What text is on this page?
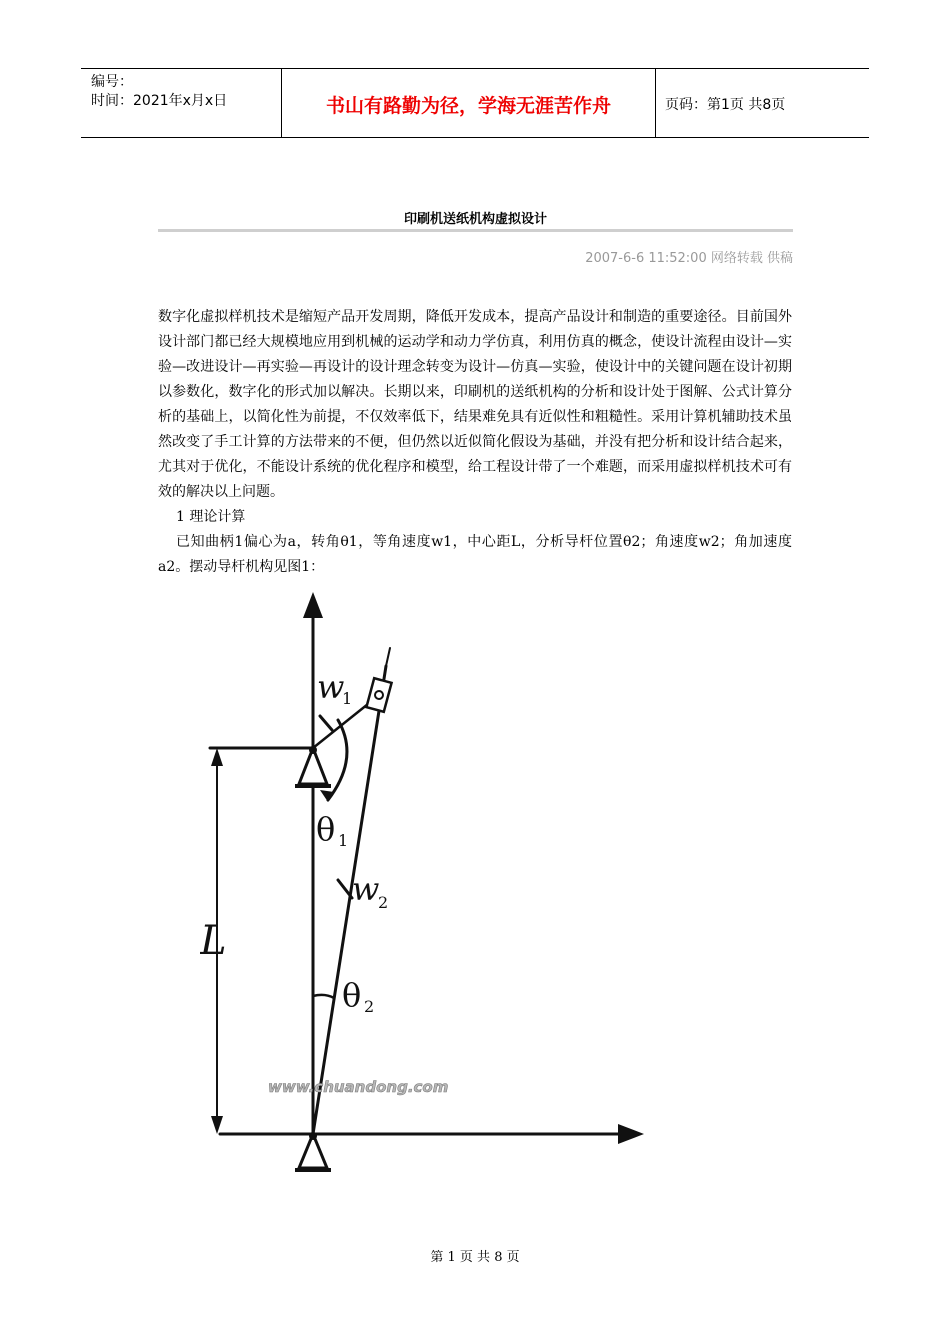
编号：
时间：2021年x月x日	书山有路勤为径，学海无涯苦作舟	页码：第1页 共8页
印刷机送纸机构虚拟设计
2007-6-6 11:52:00 网络转载 供稿

数字化虚拟样机技术是缩短产品开发周期，降低开发成本，提高产品设计和制造的重要途径。目前国外设计部门都已经大规模地应用到机械的运动学和动力学仿真，利用仿真的概念，使设计流程由设计—实验—改进设计—再实验—再设计的设计理念转变为设计—仿真—实验，使设计中的关键问题在设计初期以参数化，数字化的形式加以解决。长期以来，印刷机的送纸机构的分析和设计处于图解、公式计算分析的基础上，以简化性为前提，不仅效率低下，结果难免具有近似性和粗糙性。采用计算机辅助技术虽然改变了手工计算的方法带来的不便，但仍然以近似简化假设为基础，并没有把分析和设计结合起来，尤其对于优化，不能设计系统的优化程序和模型，给工程设计带了一个难题，而采用虚拟样机技术可有效的解决以上问题。

1 理论计算

已知曲柄1偏心为a，转角θ1，等角速度w1，中心距L，分析导杆位置θ2；角速度w2；角加速度a2。摆动导杆机构见图1：

w
1
θ 1
w
2
θ 2
L
www.chuandong.com
第 1 页 共 8 页
